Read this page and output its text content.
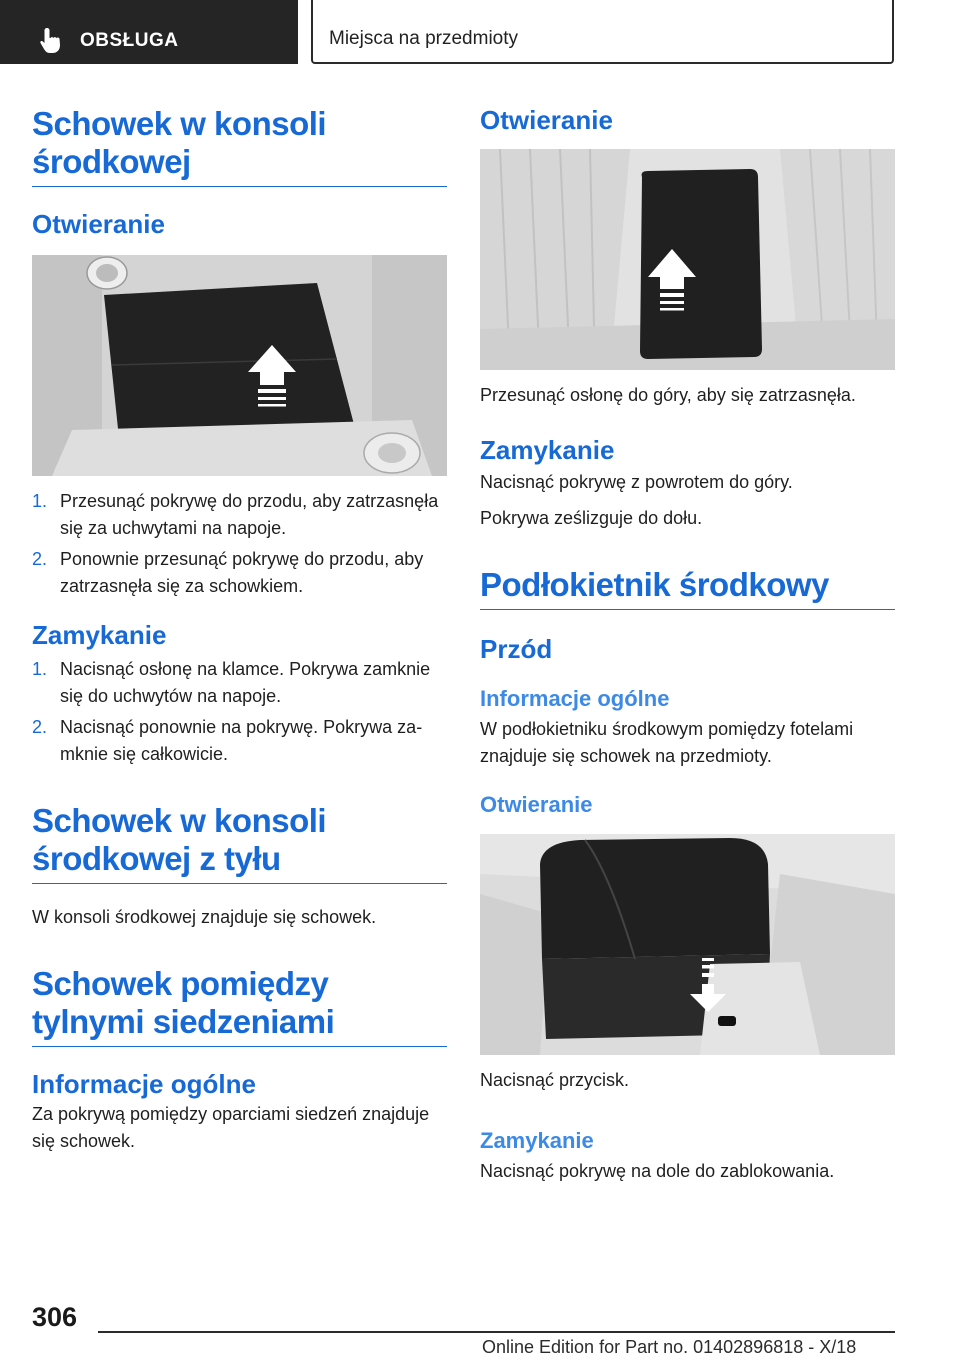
OBSŁUGA	Miejsca na przedmioty
Schowek w konsoli środkowej
Otwieranie
1. Przesunąć pokrywę do przodu, aby zatrzasnęła się za uchwytami na napoje.
2. Ponownie przesunąć pokrywę do przodu, aby zatrzasnęła się za schowkiem.
Zamykanie
1. Nacisnąć osłonę na klamce. Pokrywa zamknie się do uchwytów na napoje.
2. Nacisnąć ponownie na pokrywę. Pokrywa zamknie się całkowicie.
Schowek w konsoli środkowej z tyłu

W konsoli środkowej znajduje się schowek.

Schowek pomiędzy tylnymi siedzeniami
Informacje ogólne

Za pokrywą pomiędzy oparciami siedzeń znajduje się schowek.

Otwieranie

Przesunąć osłonę do góry, aby się zatrzasnęła.

Zamykanie

Nacisnąć pokrywę z powrotem do góry.

Pokrywa ześlizguje do dołu.

Podłokietnik środkowy
Przód
Informacje ogólne

W podłokietniku środkowym pomiędzy fotelami znajduje się schowek na przedmioty.

Otwieranie

Nacisnąć przycisk.

Zamykanie

Nacisnąć pokrywę na dole do zablokowania.

306
Online Edition for Part no. 01402896818 - X/18
